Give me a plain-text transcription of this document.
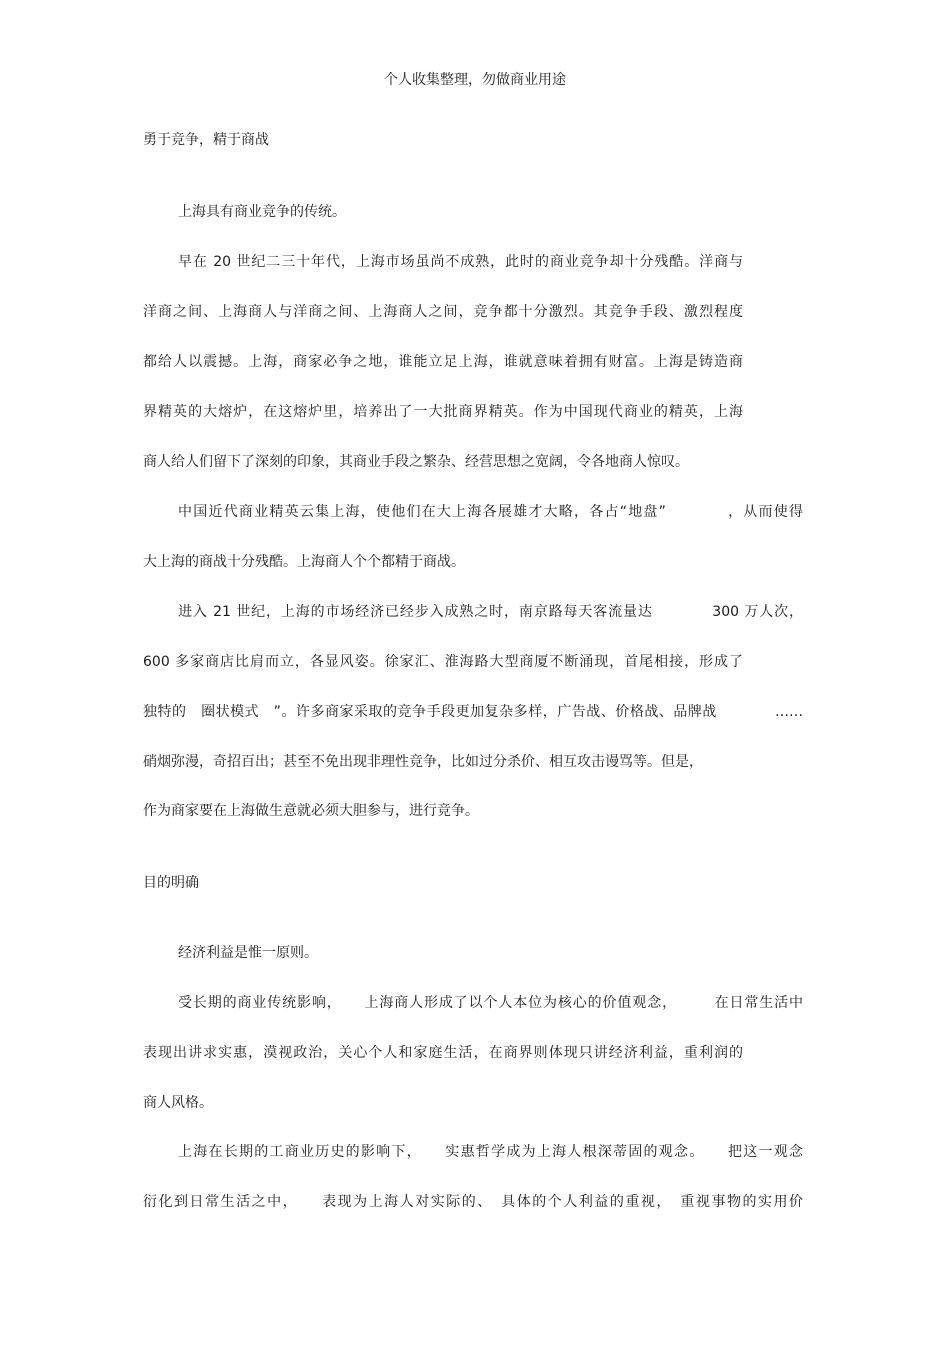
个人收集整理，勿做商业用途
勇于竞争，精于商战
上海具有商业竞争的传统。
早在 20 世纪二三十年代，上海市场虽尚不成熟，此时的商业竞争却十分残酷。洋商与
洋商之间、上海商人与洋商之间、上海商人之间，竞争都十分激烈。其竞争手段、激烈程度
都给人以震撼。上海，商家必争之地，谁能立足上海，谁就意味着拥有财富。上海是铸造商
界精英的大熔炉，在这熔炉里，培养出了一大批商界精英。作为中国现代商业的精英，上海
商人给人们留下了深刻的印象，其商业手段之繁杂、经营思想之宽阔，令各地商人惊叹。
中国近代商业精英云集上海，使他们在大上海各展雄才大略，各占“地盘”　　　　，从而使得
大上海的商战十分残酷。上海商人个个都精于商战。
进入 21 世纪，上海的市场经济已经步入成熟之时，南京路每天客流量达　　　　300 万人次，
600 多家商店比肩而立，各显风姿。徐家汇、淮海路大型商厦不断涌现，首尾相接，形成了
独特的　圈状模式　”。许多商家采取的竞争手段更加复杂多样，广告战、价格战、品牌战　　　　……
硝烟弥漫，奇招百出；甚至不免出现非理性竞争，比如过分杀价、相互攻击谩骂等。但是，
作为商家要在上海做生意就必须大胆参与，进行竞争。
目的明确
经济利益是惟一原则。
受长期的商业传统影响，　　上海商人形成了以个人本位为核心的价值观念，　　　在日常生活中
表现出讲求实惠，漠视政治，关心个人和家庭生活，在商界则体现只讲经济利益，重利润的
商人风格。
上海在长期的工商业历史的影响下，　　实惠哲学成为上海人根深蒂固的观念。　　把这一观念
衍化到日常生活之中，　　表现为上海人对实际的、　具体的个人利益的重视，　重视事物的实用价
